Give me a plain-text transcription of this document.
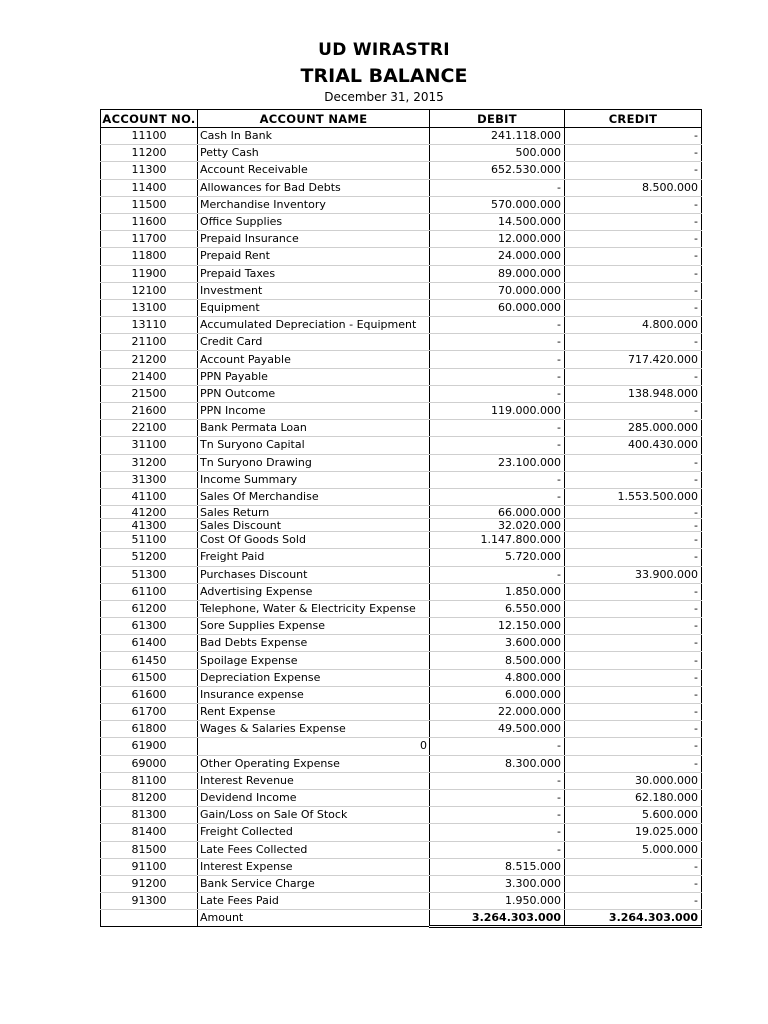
UD WIRASTRI
TRIAL BALANCE
December 31, 2015
ACCOUNT NO.	ACCOUNT NAME	DEBIT	CREDIT
11100	Cash In Bank	241.118.000	-
11200	Petty Cash	500.000	-
11300	Account Receivable	652.530.000	-
11400	Allowances for Bad Debts	-	8.500.000
11500	Merchandise Inventory	570.000.000	-
11600	Office Supplies	14.500.000	-
11700	Prepaid Insurance	12.000.000	-
11800	Prepaid Rent	24.000.000	-
11900	Prepaid Taxes	89.000.000	-
12100	Investment	70.000.000	-
13100	Equipment	60.000.000	-
13110	Accumulated Depreciation - Equipment	-	4.800.000
21100	Credit Card	-	-
21200	Account Payable	-	717.420.000
21400	PPN Payable	-	-
21500	PPN Outcome	-	138.948.000
21600	PPN Income	119.000.000	-
22100	Bank Permata Loan	-	285.000.000
31100	Tn Suryono Capital	-	400.430.000
31200	Tn Suryono Drawing	23.100.000	-
31300	Income Summary	-	-
41100	Sales Of Merchandise	-	1.553.500.000
41200	Sales Return	66.000.000	-
41300	Sales Discount	32.020.000	-
51100	Cost Of Goods Sold	1.147.800.000	-
51200	Freight Paid	5.720.000	-
51300	Purchases Discount	-	33.900.000
61100	Advertising Expense	1.850.000	-
61200	Telephone, Water & Electricity Expense	6.550.000	-
61300	Sore Supplies Expense	12.150.000	-
61400	Bad Debts Expense	3.600.000	-
61450	Spoilage Expense	8.500.000	-
61500	Depreciation Expense	4.800.000	-
61600	Insurance expense	6.000.000	-
61700	Rent Expense	22.000.000	-
61800	Wages & Salaries Expense	49.500.000	-
61900	0	-	-
69000	Other Operating Expense	8.300.000	-
81100	Interest Revenue	-	30.000.000
81200	Devidend Income	-	62.180.000
81300	Gain/Loss on Sale Of Stock	-	5.600.000
81400	Freight Collected	-	19.025.000
81500	Late Fees Collected	-	5.000.000
91100	Interest Expense	8.515.000	-
91200	Bank Service Charge	3.300.000	-
91300	Late Fees Paid	1.950.000	-
	Amount	3.264.303.000	3.264.303.000
